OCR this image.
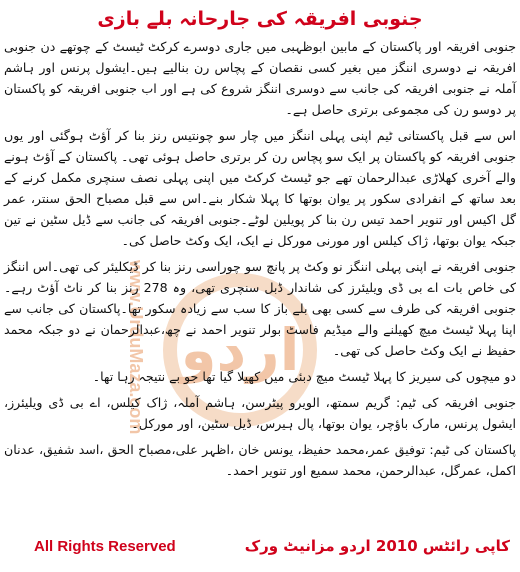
اردو
www.UrduMaza.com
جنوبی افریقہ کی جارحانہ بلے بازی

جنوبی افریقہ اور پاکستان کے مابین ابوظہبی میں جاری دوسرے کرکٹ ٹیسٹ کے چوتھے دن جنوبی افریقہ نے دوسری اننگز میں بغیر کسی نقصان کے پچاس رن بنالیے ہیں۔ایشول پرنس اور ہاشم آملہ نے جنوبی افریقہ کی جانب سے دوسری اننگز شروع کی ہے اور اب جنوبی افریقہ کو پاکستان پر دوسو رن کی مجموعی برتری حاصل ہے۔

اس سے قبل پاکستانی ٹیم اپنی پہلی اننگز میں چار سو چونتیس رنز بنا کر آؤٹ ہوگئی اور یوں جنوبی افریقہ کو پاکستان پر ایک سو پچاس رن کر برتری حاصل ہوئی تھی۔ پاکستان کے آؤٹ ہونے والے آخری کھلاڑی عبدالرحمان تھے جو ٹیسٹ کرکٹ میں اپنی پہلی نصف سنچری مکمل کرنے کے بعد ساتھ کے انفرادی سکور پر یوان بوتھا کا پہلا شکار بنے۔اس سے قبل مصباح الحق سنتر، عمر گل اکیس اور تنویر احمد تیس رن بنا کر پویلین لوٹے۔جنوبی افریقہ کی جانب سے ڈیل سٹین نے تین جبکہ یوان بوتھا، ژاک کیلس اور مورنی مورکل نے ایک، ایک وکٹ حاصل کی۔

جنوبی افریقہ نے اپنی پہلی اننگز نو وکٹ پر پانچ سو چوراسی رنز بنا کر ڈیکلیئر کی تھی۔اس اننگز کی خاص بات اے بی ڈی ویلیئرز کی شاندار ڈبل سنچری تھی، وہ 278 رنز بنا کر ناٹ آؤٹ رہے۔جنوبی افریقہ کی طرف سے کسی بھی بلے باز کا سب سے زیادہ سکور تھا۔پاکستان کی جانب سے اپنا پہلا ٹیسٹ میچ کھیلنے والے میڈیم فاسٹ بولر تنویر احمد نے چھ،عبدالرحمان نے دو جبکہ محمد حفیظ نے ایک وکٹ حاصل کی تھی۔

دو میچوں کی سیریز کا پہلا ٹیسٹ میچ دبئی میں کھیلا گیا تھا جو بے نتیجہ رہا تھا۔

جنوبی افریقہ کی ٹیم: گریم سمتھ، الویرو پیٹرسن، ہاشم آملہ، ژاک کیلس، اے بی ڈی ویلیئرز، ایشول پرنس، مارک باؤچر، یوان بوتھا، پال ہیرس، ڈیل سٹین، اور مورکل۔

پاکستان کی ٹیم: توفیق عمر،محمد حفیظ، یونس خان ،اظہر علی،مصباح الحق ،اسد شفیق، عدنان اکمل، عمرگل، عبدالرحمن، محمد سمیع اور تنویر احمد۔

کاپی رائٹس 2010 اردو مزانیٹ ورک
All Rights Reserved
